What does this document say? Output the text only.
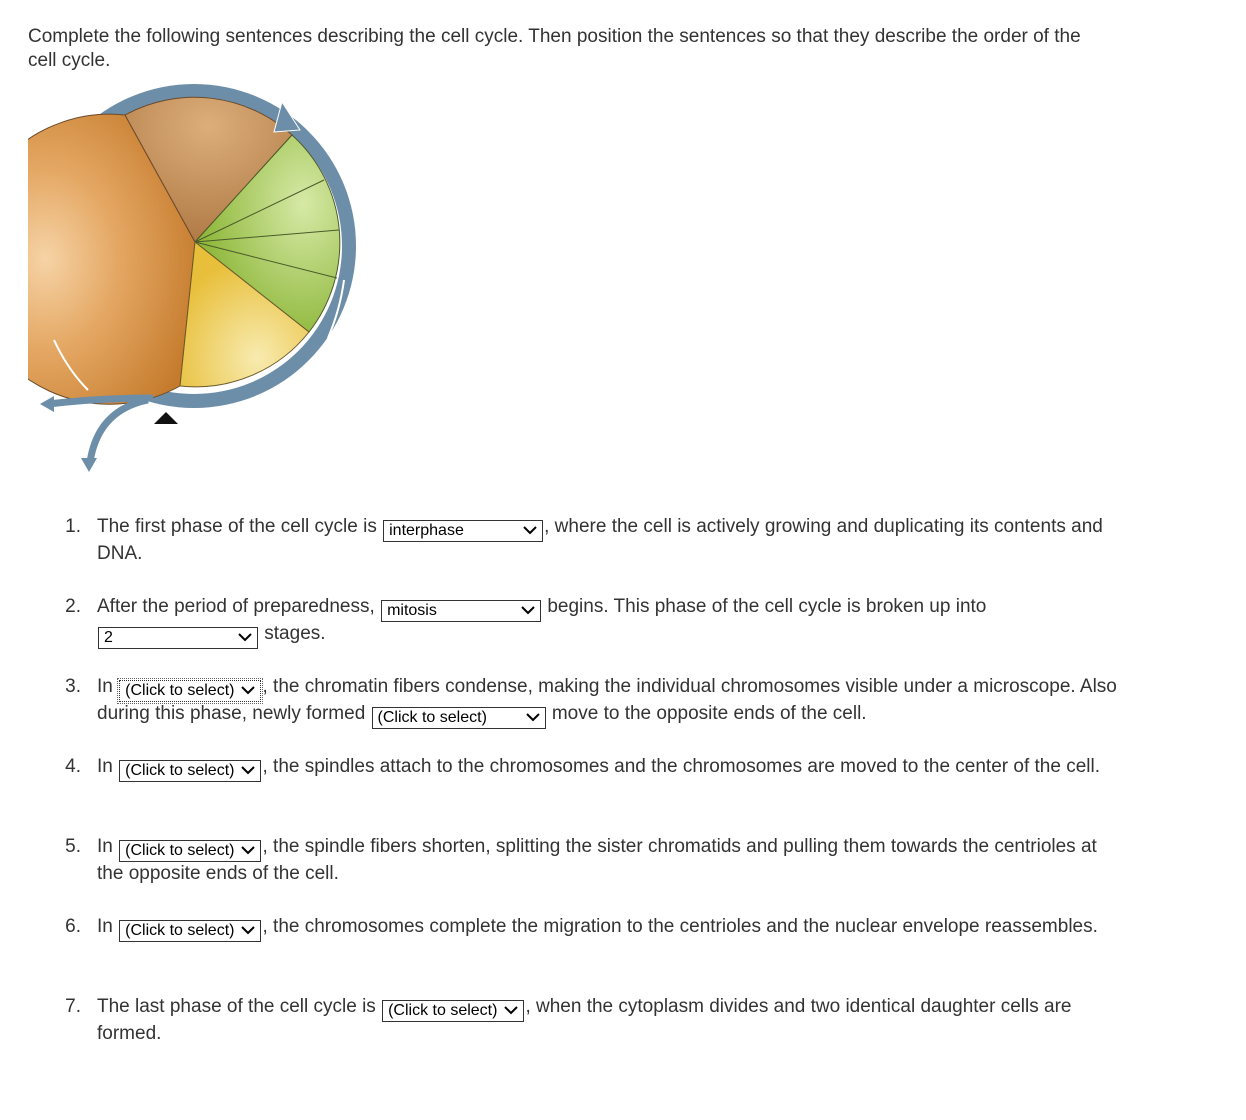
Complete the following sentences describing the cell cycle. Then position the sentences so that they describe the order of the cell cycle.
1. The first phase of the cell cycle is interphase	, where the cell is actively growing and duplicating its contents and DNA.
2. After the period of preparedness, mitosis	begins. This phase of the cell cycle is broken up into 2	stages.
3. In (Click to select) , the chromatin fibers condense, making the individual chromosomes visible under a microscope. Also during this phase, newly formed (Click to select)	move to the opposite ends of the cell.
4. In (Click to select) , the spindles attach to the chromosomes and the chromosomes are moved to the center of the cell.
5. In (Click to select) , the spindle fibers shorten, splitting the sister chromatids and pulling them towards the centrioles at the opposite ends of the cell.
6. In (Click to select) , the chromosomes complete the migration to the centrioles and the nuclear envelope reassembles.
7. The last phase of the cell cycle is (Click to select) , when the cytoplasm divides and two identical daughter cells are formed.
